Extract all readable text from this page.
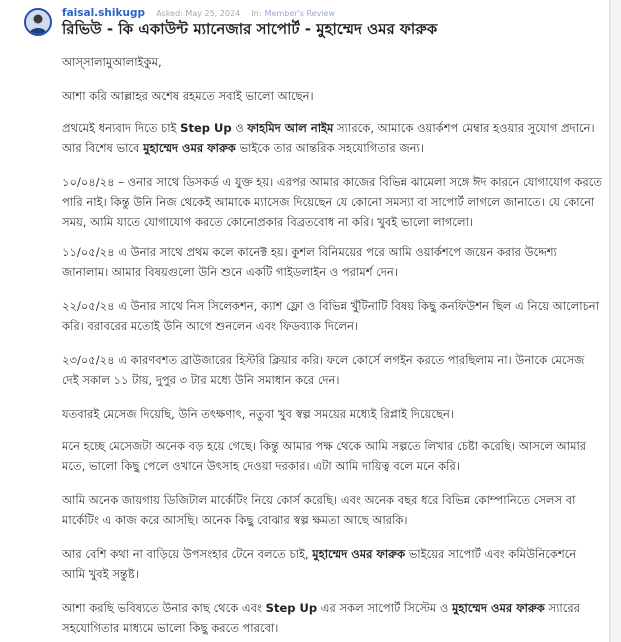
faisal.shikugp Asked: May 25, 2024 In: Member's Review
রিভিউ - কি একাউন্ট ম্যানেজার সাপোর্ট - মুহাম্মেদ ওমর ফারুক

আস্সালামুআলাইকুম,

আশা করি আল্লাহর অশেষ রহমতে সবাই ভালো আছেন।

প্রথমেই ধন্যবাদ দিতে চাই Step Up ও ফাহমিদ আল নাইম স্যারকে, আমাকে ওয়ার্কশপ মেম্বার হওয়ার সুযোগ প্রদানে। আর বিশেষ ভাবে মুহাম্মেদ ওমর ফারুক ভাইকে তার আন্তরিক সহযোগিতার জন্য।

১০/০৪/২৪ – ওনার সাথে ডিসকর্ড এ যুক্ত হয়। এরপর আমার কাজের বিভিন্ন ঝামেলা সঙ্গে ঈদ কারনে যোগাযোগ করতে পারি নাই। কিন্তু উনি নিজ থেকেই আমাকে ম্যাসেজ দিয়েছেন যে কোনো সমস্যা বা সাপোর্ট লাগলে জানাতে। যে কোনো সময়, আমি যাতে যোগাযোগ করতে কোনোপ্রকার বিব্রতবোধ না করি। খুবই ভালো লাগলো।

১১/০৫/২৪ এ উনার সাথে প্রথম কলে কানেক্ট হয়। কুশল বিনিময়ের পরে আমি ওয়ার্কশপে জয়েন করার উদ্দেশ্য জানালাম। আমার বিষয়গুলো উনি শুনে একটি গাইডলাইন ও পরামর্শ দেন।

২২/০৫/২৪ এ উনার সাথে নিস সিলেকশন, ক্যাশ ফ্লো ও বিভিন্ন খুঁটিনাটি বিষয় কিছু কনফিউশন ছিল এ নিয়ে আলোচনা করি। বরাবরের মতোই উনি আগে শুনলেন এবং ফিডব্যাক দিলেন।

২৩/০৫/২৪ এ কারণবশত ব্রাউজারের হিস্টরি ক্লিয়ার করি। ফলে কোর্সে লগইন করতে পারছিলাম না। উনাকে মেসেজ দেই সকাল ১১ টায়, দুপুর ৩ টার মধ্যে উনি সমাধান করে দেন।

যতবারই মেসেজ দিয়েছি, উনি তৎক্ষণাৎ, নতুবা খুব স্বল্প সময়ের মধ্যেই রিপ্লাই দিয়েছেন।

মনে হচ্ছে মেসেজটা অনেক বড় হয়ে গেছে। কিন্তু আমার পক্ষ থেকে আমি সল্পতে লিখার চেষ্টা করেছি। আসলে আমার মতে, ভালো কিছু পেলে ওখানে উৎসাহ দেওয়া দরকার। এটা আমি দায়িত্ব বলে মনে করি।

আমি অনেক জায়গায় ডিজিটাল মার্কেটিং নিয়ে কোর্স করেছি। এবং অনেক বছর ধরে বিভিন্ন কোম্পানিতে সেলস বা মার্কেটিং এ কাজ করে আসছি। অনেক কিছু বোঝার স্বল্প ক্ষমতা আছে আরকি।

আর বেশি কথা না বাড়িয়ে উপসংহার টেনে বলতে চাই, মুহাম্মেদ ওমর ফারুক ভাইয়ের সাপোর্ট এবং কমিউনিকেশনে আমি খুবই সন্তুষ্ট।

আশা করছি ভবিষ্যতে উনার কাছ থেকে এবং Step Up এর সকল সাপোর্ট সিস্টেম ও মুহাম্মেদ ওমর ফারুক স্যারের সহযোগিতার মাধ্যমে ভালো কিছু করতে পারবো।
